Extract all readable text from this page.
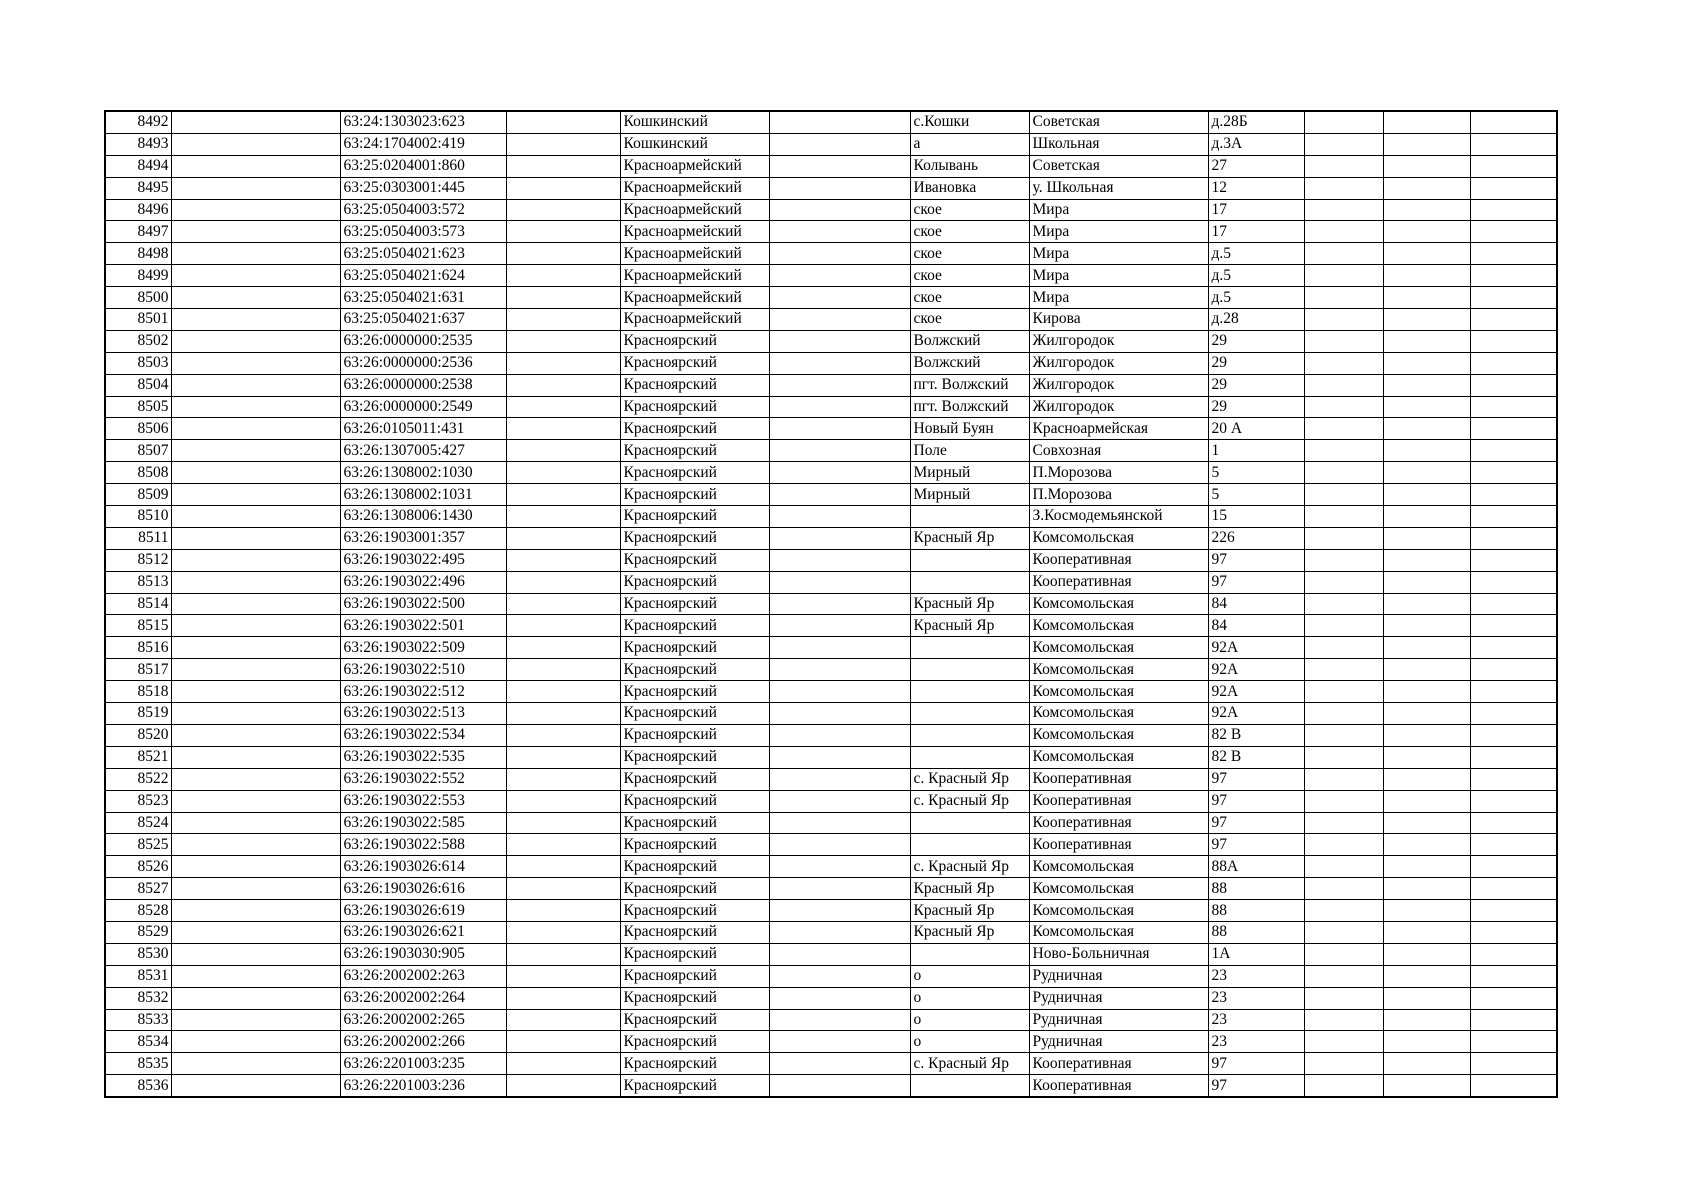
8492		63:24:1303023:623		Кошкинский		с.Кошки	Советская	д.28Б			
8493		63:24:1704002:419		Кошкинский		а	Школьная	д.3А			
8494		63:25:0204001:860		Красноармейский		Колывань	Советская	27			
8495		63:25:0303001:445		Красноармейский		Ивановка	у. Школьная	12			
8496		63:25:0504003:572		Красноармейский		ское	Мира	17			
8497		63:25:0504003:573		Красноармейский		ское	Мира	17			
8498		63:25:0504021:623		Красноармейский		ское	Мира	д.5			
8499		63:25:0504021:624		Красноармейский		ское	Мира	д.5			
8500		63:25:0504021:631		Красноармейский		ское	Мира	д.5			
8501		63:25:0504021:637		Красноармейский		ское	Кирова	д.28			
8502		63:26:0000000:2535		Красноярский		Волжский	Жилгородок	29			
8503		63:26:0000000:2536		Красноярский		Волжский	Жилгородок	29			
8504		63:26:0000000:2538		Красноярский		пгт. Волжский	Жилгородок	29			
8505		63:26:0000000:2549		Красноярский		пгт. Волжский	Жилгородок	29			
8506		63:26:0105011:431		Красноярский		Новый Буян	Красноармейская	20 А			
8507		63:26:1307005:427		Красноярский		Поле	Совхозная	1			
8508		63:26:1308002:1030		Красноярский		Мирный	П.Морозова	5			
8509		63:26:1308002:1031		Красноярский		Мирный	П.Морозова	5			
8510		63:26:1308006:1430		Красноярский			З.Космодемьянской	15			
8511		63:26:1903001:357		Красноярский		Красный Яр	Комсомольская	226			
8512		63:26:1903022:495		Красноярский			Кооперативная	97			
8513		63:26:1903022:496		Красноярский			Кооперативная	97			
8514		63:26:1903022:500		Красноярский		Красный Яр	Комсомольская	84			
8515		63:26:1903022:501		Красноярский		Красный Яр	Комсомольская	84			
8516		63:26:1903022:509		Красноярский			Комсомольская	92А			
8517		63:26:1903022:510		Красноярский			Комсомольская	92А			
8518		63:26:1903022:512		Красноярский			Комсомольская	92А			
8519		63:26:1903022:513		Красноярский			Комсомольская	92А			
8520		63:26:1903022:534		Красноярский			Комсомольская	82 В			
8521		63:26:1903022:535		Красноярский			Комсомольская	82 В			
8522		63:26:1903022:552		Красноярский		с. Красный Яр	Кооперативная	97			
8523		63:26:1903022:553		Красноярский		с. Красный Яр	Кооперативная	97			
8524		63:26:1903022:585		Красноярский			Кооперативная	97			
8525		63:26:1903022:588		Красноярский			Кооперативная	97			
8526		63:26:1903026:614		Красноярский		с. Красный Яр	Комсомольская	88А			
8527		63:26:1903026:616		Красноярский		Красный Яр	Комсомольская	88			
8528		63:26:1903026:619		Красноярский		Красный Яр	Комсомольская	88			
8529		63:26:1903026:621		Красноярский		Красный Яр	Комсомольская	88			
8530		63:26:1903030:905		Красноярский			Ново-Больничная	1А			
8531		63:26:2002002:263		Красноярский		о	Рудничная	23			
8532		63:26:2002002:264		Красноярский		о	Рудничная	23			
8533		63:26:2002002:265		Красноярский		о	Рудничная	23			
8534		63:26:2002002:266		Красноярский		о	Рудничная	23			
8535		63:26:2201003:235		Красноярский		с. Красный Яр	Кооперативная	97			
8536		63:26:2201003:236		Красноярский			Кооперативная	97			
